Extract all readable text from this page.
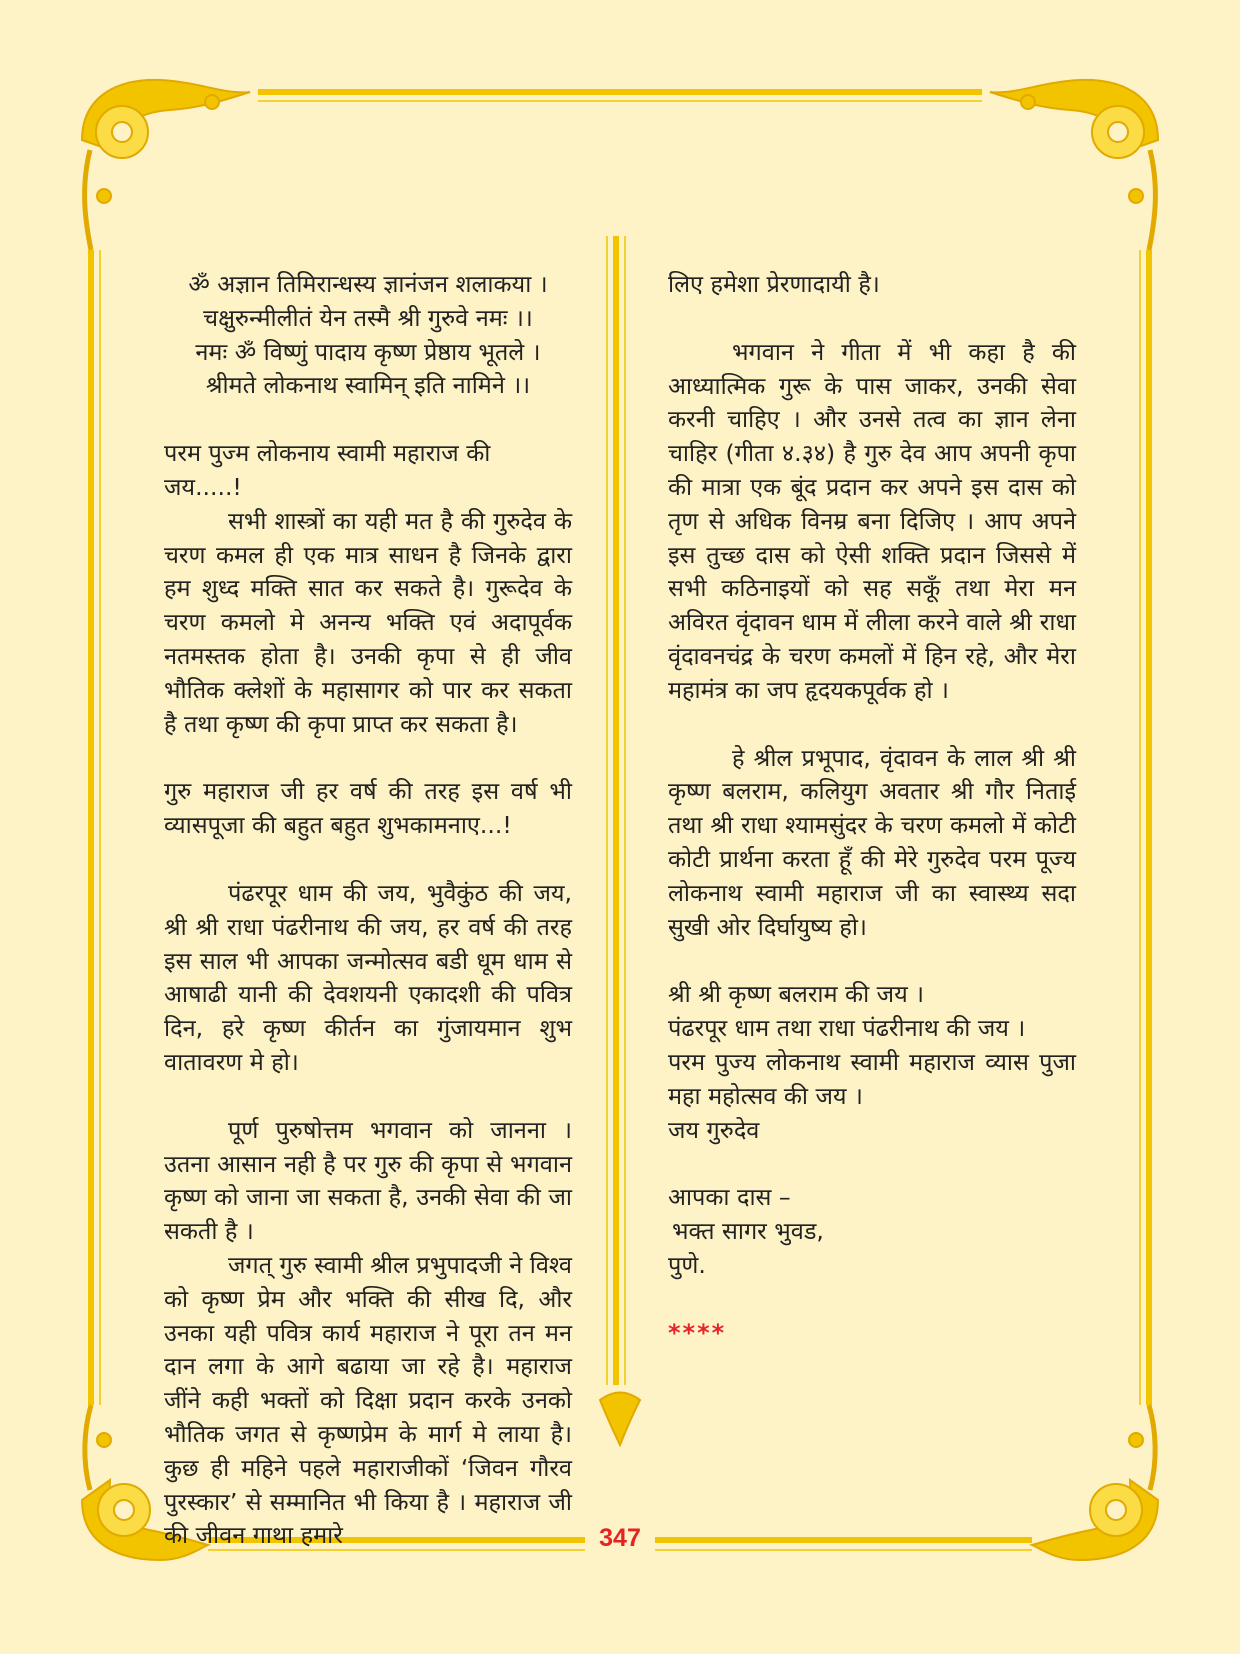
ॐ अज्ञान तिमिरान्धस्य ज्ञानंजन शलाकया ।

चक्षुरुन्मीलीतं येन तस्मै श्री गुरुवे नमः ।।

नमः ॐ विष्णुं पादाय कृष्ण प्रेष्ठाय भूतले ।

श्रीमते लोकनाथ स्वामिन् इति नामिने ।।

परम पुज्म लोकनाय स्वामी महाराज की जय.....!

सभी शास्त्रों का यही मत है की गुरुदेव के चरण कमल ही एक मात्र साधन है जिनके द्वारा हम शुध्द मक्ति सात कर सकते है। गुरूदेव के चरण कमलो मे अनन्य भक्ति एवं अदापूर्वक नतमस्तक होता है। उनकी कृपा से ही जीव भौतिक क्लेशों के महासागर को पार कर सकता है तथा कृष्ण की कृपा प्राप्त कर सकता है।

गुरु महाराज जी हर वर्ष की तरह इस वर्ष भी व्यासपूजा की बहुत बहुत शुभकामनाए...!

पंढरपूर धाम की जय, भुवैकुंठ की जय, श्री श्री राधा पंढरीनाथ की जय, हर वर्ष की तरह इस साल भी आपका जन्मोत्सव बडी धूम धाम से आषाढी यानी की देवशयनी एकादशी की पवित्र दिन, हरे कृष्ण कीर्तन का गुंजायमान शुभ वातावरण मे हो।

पूर्ण पुरुषोत्तम भगवान को जानना । उतना आसान नही है पर गुरु की कृपा से भगवान कृष्ण को जाना जा सकता है, उनकी सेवा की जा सकती है ।

जगत् गुरु स्वामी श्रील प्रभुपादजी ने विश्व को कृष्ण प्रेम और भक्ति की सीख दि, और उनका यही पवित्र कार्य महाराज ने पूरा तन मन दान लगा के आगे बढाया जा रहे है। महाराज जींने कही भक्तों को दिक्षा प्रदान करके उनको भौतिक जगत से कृष्णप्रेम के मार्ग मे लाया है। कुछ ही महिने पहले महाराजीकों ‘जिवन गौरव पुरस्कार’ से सम्मानित भी किया है । महाराज जी की जीवन गाथा हमारे

लिए हमेशा प्रेरणादायी है।

भगवान ने गीता में भी कहा है की आध्यात्मिक गुरू के पास जाकर, उनकी सेवा करनी चाहिए । और उनसे तत्व का ज्ञान लेना चाहिर (गीता ४.३४) है गुरु देव आप अपनी कृपा की मात्रा एक बूंद प्रदान कर अपने इस दास को तृण से अधिक विनम्र बना दिजिए । आप अपने इस तुच्छ दास को ऐसी शक्ति प्रदान जिससे में सभी कठिनाइयों को सह सकूँ तथा मेरा मन अविरत वृंदावन धाम में लीला करने वाले श्री राधा वृंदावनचंद्र के चरण कमलों में हिन रहे, और मेरा महामंत्र का जप हृदयकपूर्वक हो ।

हे श्रील प्रभूपाद, वृंदावन के लाल श्री श्री कृष्ण बलराम, कलियुग अवतार श्री गौर निताई तथा श्री राधा श्यामसुंदर के चरण कमलो में कोटी कोटी प्रार्थना करता हूँ की मेरे गुरुदेव परम पूज्य लोकनाथ स्वामी महाराज जी का स्वास्थ्य सदा सुखी ओर दिर्घायुष्य हो।

श्री श्री कृष्ण बलराम की जय ।

पंढरपूर धाम तथा राधा पंढरीनाथ की जय ।

परम पुज्य लोकनाथ स्वामी महाराज व्यास पुजा महा महोत्सव की जय ।

जय गुरुदेव

आपका दास –

भक्त सागर भुवड,

पुणे.

****

347
